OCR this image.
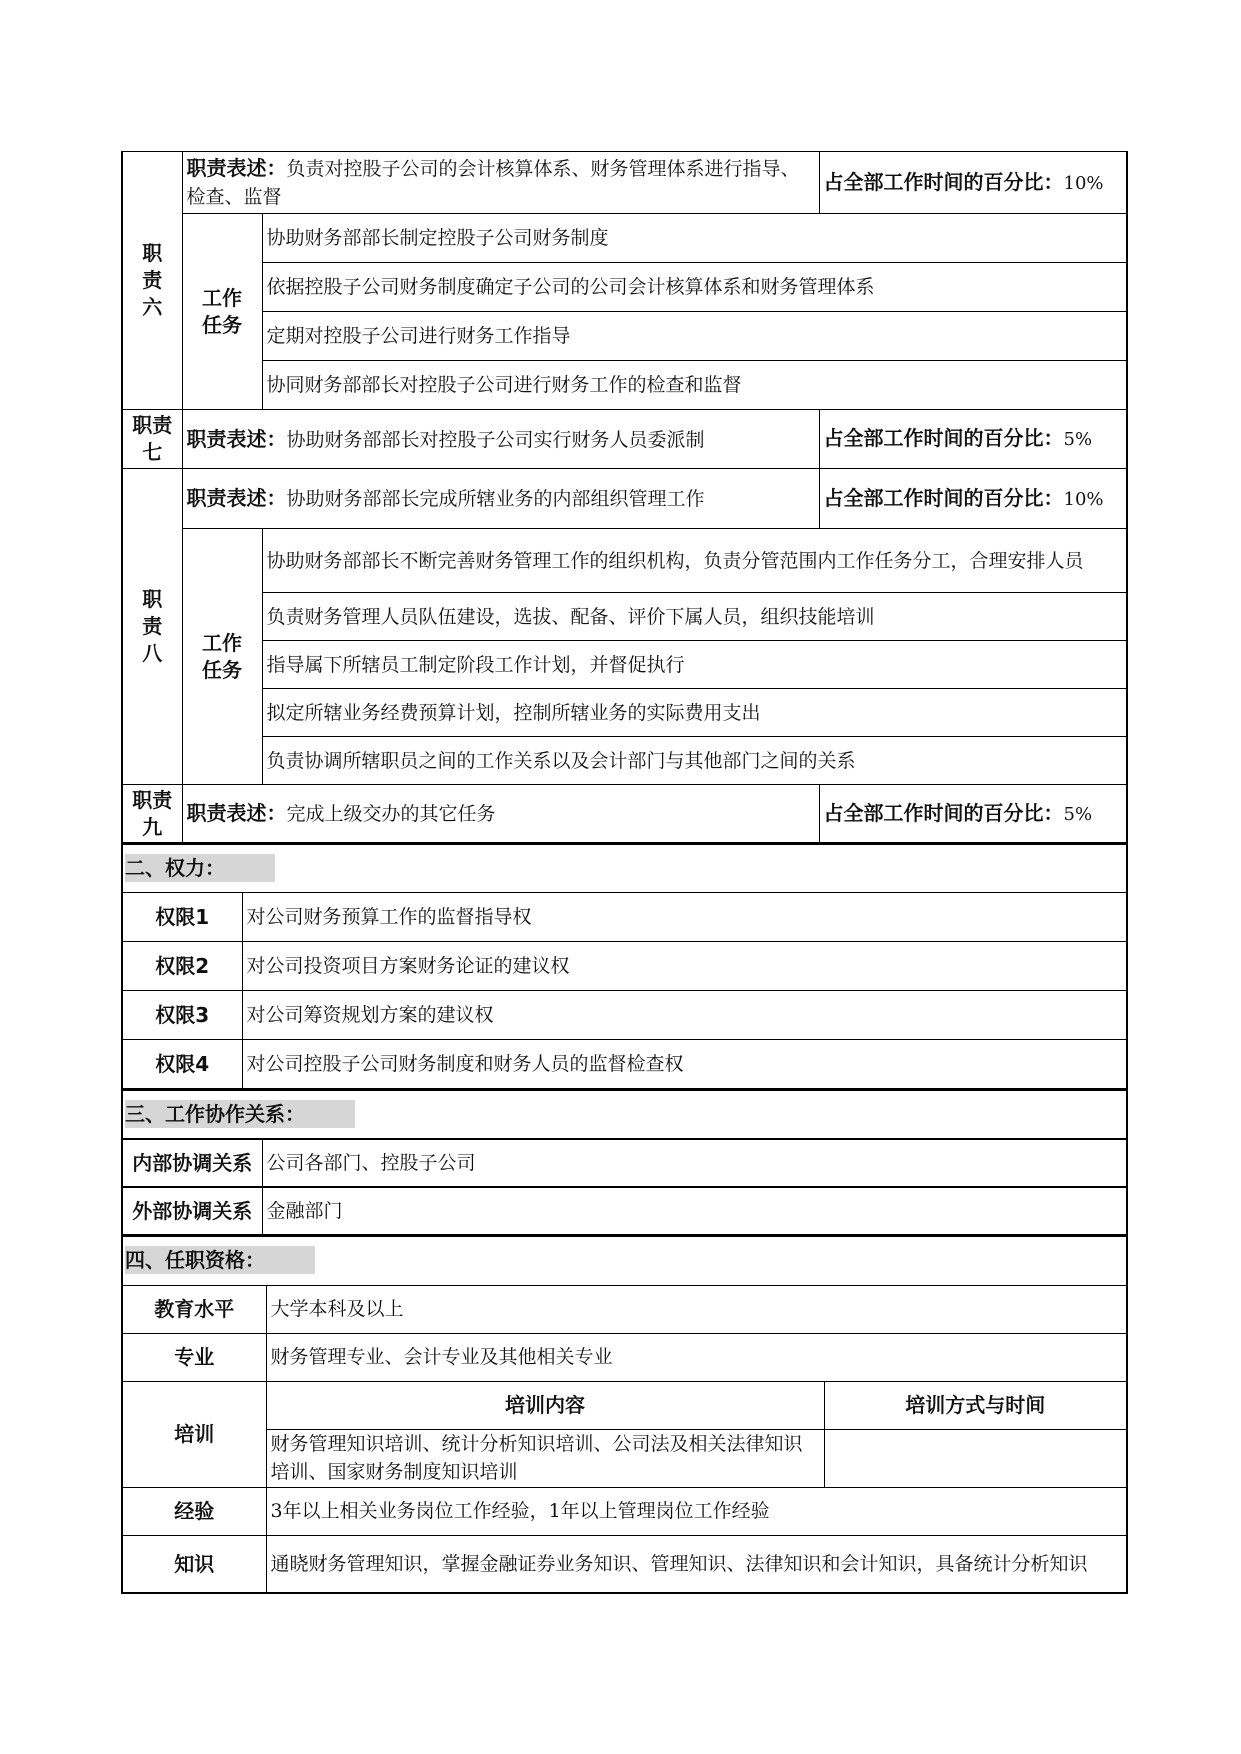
职责六	职责表述：负责对控股子公司的会计核算体系、财务管理体系进行指导、检查、监督		占全部工作时间的百分比：10%
	工作任务	协助财务部部长制定控股子公司财务制度	
		依据控股子公司财务制度确定子公司的公司会计核算体系和财务管理体系	
		定期对控股子公司进行财务工作指导	
		协同财务部部长对控股子公司进行财务工作的检查和监督	
职责七	职责表述：协助财务部部长对控股子公司实行财务人员委派制		占全部工作时间的百分比：5%
职责八	职责表述：协助财务部部长完成所辖业务的内部组织管理工作		占全部工作时间的百分比：10%
	工作任务	协助财务部部长不断完善财务管理工作的组织机构，负责分管范围内工作任务分工，合理安排人员	
		负责财务管理人员队伍建设，选拔、配备、评价下属人员，组织技能培训	
		指导属下所辖员工制定阶段工作计划，并督促执行	
		拟定所辖业务经费预算计划，控制所辖业务的实际费用支出	
		负责协调所辖职员之间的工作关系以及会计部门与其他部门之间的关系	
职责九	职责表述：完成上级交办的其它任务		占全部工作时间的百分比：5%
二、权力：	
权限1	对公司财务预算工作的监督指导权
权限2	对公司投资项目方案财务论证的建议权
权限3	对公司筹资规划方案的建议权
权限4	对公司控股子公司财务制度和财务人员的监督检查权
三、工作协作关系：	
内部协调关系	公司各部门、控股子公司
外部协调关系	金融部门
四、任职资格：		
教育水平	大学本科及以上	
专业	财务管理专业、会计专业及其他相关专业	
培训	培训内容	培训方式与时间
	财务管理知识培训、统计分析知识培训、公司法及相关法律知识培训、国家财务制度知识培训	
经验	3年以上相关业务岗位工作经验，1年以上管理岗位工作经验	
知识	通晓财务管理知识，掌握金融证券业务知识、管理知识、法律知识和会计知识，具备统计分析知识	
